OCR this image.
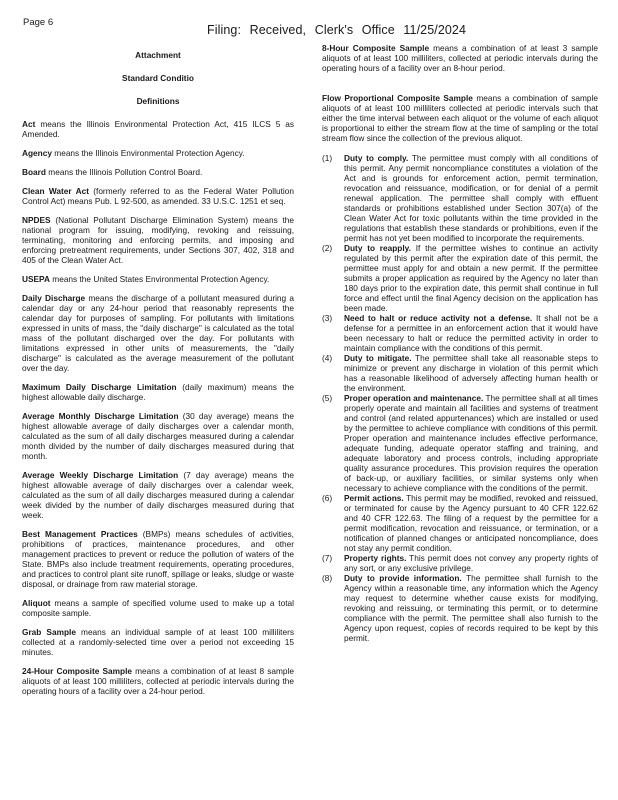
Page 6
Filing: Received, Clerk's Office 11/25/2024

Attachment

Standard Conditio

Definitions

Act means the Illinois Environmental Protection Act, 415 ILCS 5 as Amended.

Agency means the Illinois Environmental Protection Agency.

Board means the Illinois Pollution Control Board.

Clean Water Act (formerly referred to as the Federal Water Pollution Control Act) means Pub. L 92-500, as amended. 33 U.S.C. 1251 et seq.

NPDES (National Pollutant Discharge Elimination System) means the national program for issuing, modifying, revoking and reissuing, terminating, monitoring and enforcing permits, and imposing and enforcing pretreatment requirements, under Sections 307, 402, 318 and 405 of the Clean Water Act.

USEPA means the United States Environmental Protection Agency.

Daily Discharge means the discharge of a pollutant measured during a calendar day or any 24-hour period that reasonably represents the calendar day for purposes of sampling. For pollutants with limitations expressed in units of mass, the "daily discharge" is calculated as the total mass of the pollutant discharged over the day. For pollutants with limitations expressed in other units of measurements, the "daily discharge" is calculated as the average measurement of the pollutant over the day.

Maximum Daily Discharge Limitation (daily maximum) means the highest allowable daily discharge.

Average Monthly Discharge Limitation (30 day average) means the highest allowable average of daily discharges over a calendar month, calculated as the sum of all daily discharges measured during a calendar month divided by the number of daily discharges measured during that month.

Average Weekly Discharge Limitation (7 day average) means the highest allowable average of daily discharges over a calendar week, calculated as the sum of all daily discharges measured during a calendar week divided by the number of daily discharges measured during that week.

Best Management Practices (BMPs) means schedules of activities, prohibitions of practices, maintenance procedures, and other management practices to prevent or reduce the pollution of waters of the State. BMPs also include treatment requirements, operating procedures, and practices to control plant site runoff, spillage or leaks, sludge or waste disposal, or drainage from raw material storage.

Aliquot means a sample of specified volume used to make up a total composite sample.

Grab Sample means an individual sample of at least 100 milliliters collected at a randomly-selected time over a period not exceeding 15 minutes.

24-Hour Composite Sample means a combination of at least 8 sample aliquots of at least 100 milliliters, collected at periodic intervals during the operating hours of a facility over a 24-hour period.

8-Hour Composite Sample means a combination of at least 3 sample aliquots of at least 100 milliliters, collected at periodic intervals during the operating hours of a facility over an 8-hour period.

Flow Proportional Composite Sample means a combination of sample aliquots of at least 100 milliliters collected at periodic intervals such that either the time interval between each aliquot or the volume of each aliquot is proportional to either the stream flow at the time of sampling or the total stream flow since the collection of the previous aliquot.

(1)	Duty to comply. The permittee must comply with all conditions of this permit. Any permit noncompliance constitutes a violation of the Act and is grounds for enforcement action, permit termination, revocation and reissuance, modification, or for denial of a permit renewal application. The permittee shall comply with effluent standards or prohibitions established under Section 307(a) of the Clean Water Act for toxic pollutants within the time provided in the regulations that establish these standards or prohibitions, even if the permit has not yet been modified to incorporate the requirements.
(2)	Duty to reapply. If the permittee wishes to continue an activity regulated by this permit after the expiration date of this permit, the permittee must apply for and obtain a new permit. If the permittee submits a proper application as required by the Agency no later than 180 days prior to the expiration date, this permit shall continue in full force and effect until the final Agency decision on the application has been made.
(3)	Need to halt or reduce activity not a defense. It shall not be a defense for a permittee in an enforcement action that it would have been necessary to halt or reduce the permitted activity in order to maintain compliance with the conditions of this permit.
(4)	Duty to mitigate. The permittee shall take all reasonable steps to minimize or prevent any discharge in violation of this permit which has a reasonable likelihood of adversely affecting human health or the environment.
(5)	Proper operation and maintenance. The permittee shall at all times properly operate and maintain all facilities and systems of treatment and control (and related appurtenances) which are installed or used by the permittee to achieve compliance with conditions of this permit. Proper operation and maintenance includes effective performance, adequate funding, adequate operator staffing and training, and adequate laboratory and process controls, including appropriate quality assurance procedures. This provision requires the operation of back-up, or auxiliary facilities, or similar systems only when necessary to achieve compliance with the conditions of the permit.
(6)	Permit actions. This permit may be modified, revoked and reissued, or terminated for cause by the Agency pursuant to 40 CFR 122.62 and 40 CFR 122.63. The filing of a request by the permittee for a permit modification, revocation and reissuance, or termination, or a notification of planned changes or anticipated noncompliance, does not stay any permit condition.
(7)	Property rights. This permit does not convey any property rights of any sort, or any exclusive privilege.
(8)	Duty to provide information. The permittee shall furnish to the Agency within a reasonable time, any information which the Agency may request to determine whether cause exists for modifying, revoking and reissuing, or terminating this permit, or to determine compliance with the permit. The permittee shall also furnish to the Agency upon request, copies of records required to be kept by this permit.
